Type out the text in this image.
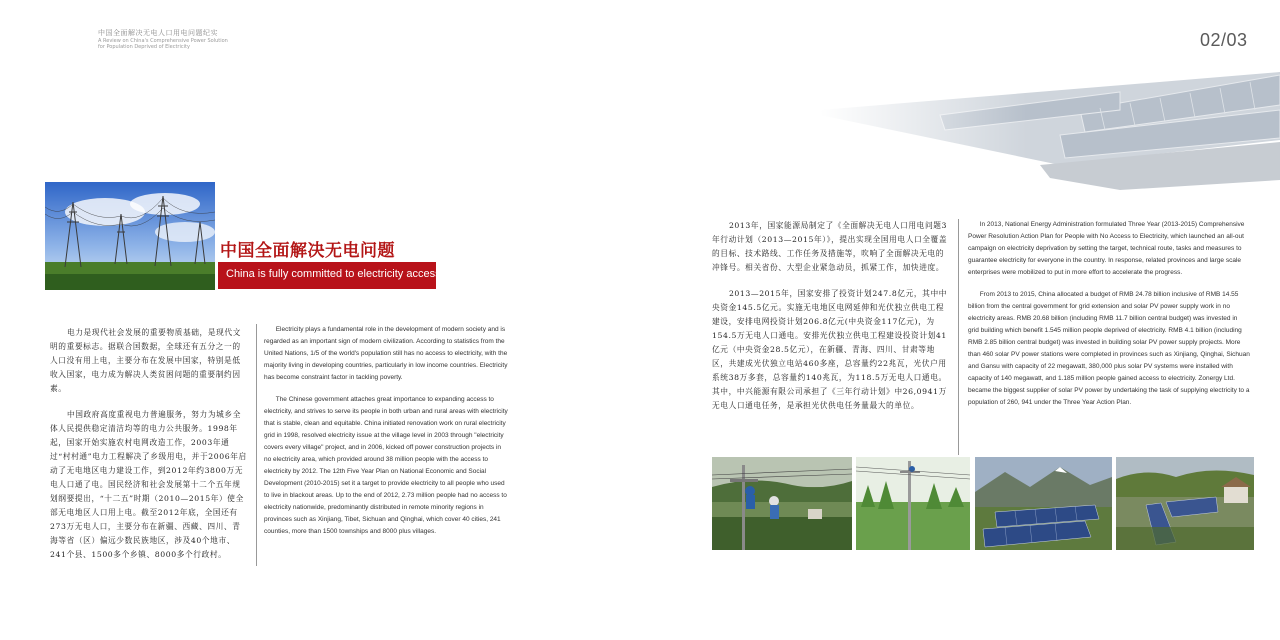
中国全面解决无电人口用电问题纪实
A Review on China's Comprehensive Power Solution
for Population Deprived of Electricity	02/03
中国全面解决无电问题
China is fully committed to electricity access

电力是现代社会发展的重要物质基础，是现代文明的重要标志。据联合国数据，全球还有五分之一的人口没有用上电，主要分布在发展中国家，特别是低收入国家，电力成为解决人类贫困问题的重要制约因素。

中国政府高度重视电力普遍服务，努力为城乡全体人民提供稳定清洁均等的电力公共服务。1998年起，国家开始实施农村电网改造工作，2003年通过“村村通”电力工程解决了乡级用电，并于2006年启动了无电地区电力建设工作，到2012年约3800万无电人口通了电。国民经济和社会发展第十二个五年规划纲要提出，“十二五”时期（2010—2015年）使全部无电地区人口用上电。截至2012年底，全国还有273万无电人口，主要分布在新疆、西藏、四川、青海等省（区）偏远少数民族地区，涉及40个地市、241个县、1500多个乡镇、8000多个行政村。

Electricity plays a fundamental role in the development of modern society and is regarded as an important sign of modern civilization. According to statistics from the United Nations, 1/5 of the world's population still has no access to electricity, with the majority living in developing countries, particularly in low income countries. Electricity has become constraint factor in tackling poverty.

The Chinese government attaches great importance to expanding access to electricity, and strives to serve its people in both urban and rural areas with electricity that is stable, clean and equitable. China initiated renovation work on rural electricity grid in 1998, resolved electricity issue at the village level in 2003 through "electricity covers every village" project, and in 2006, kicked off power construction projects in no electricity area, which provided around 38 million people with the access to electricity by 2012. The 12th Five Year Plan on National Economic and Social Development (2010-2015) set it a target to provide electricity to all people who used to live in blackout areas. Up to the end of 2012, 2.73 million people had no access to electricity nationwide, predominantly distributed in remote minority regions in provinces such as Xinjiang, Tibet, Sichuan and Qinghai, which cover 40 cities, 241 counties, more than 1500 townships and 8000 plus villages.

2013年，国家能源局制定了《全面解决无电人口用电问题3年行动计划（2013—2015年）》，提出实现全国用电人口全覆盖的目标、技术路线、工作任务及措施等，吹响了全面解决无电的冲锋号。相关省份、大型企业紧急动员，抓紧工作，加快进度。

2013—2015年，国家安排了投资计划247.8亿元，其中中央资金145.5亿元。实施无电地区电网延伸和光伏独立供电工程建设，安排电网投资计划206.8亿元(中央资金117亿元)，为154.5万无电人口通电。安排光伏独立供电工程建设投资计划41亿元（中央资金28.5亿元），在新疆、青海、四川、甘肃等地区，共建成光伏独立电站460多座，总容量约22兆瓦，光伏户用系统38万多套，总容量约140兆瓦，为118.5万无电人口通电。其中，中兴能源有限公司承担了《三年行动计划》中26,0941万无电人口通电任务，是承担光伏供电任务量最大的单位。

In 2013, National Energy Administration formulated Three Year (2013-2015) Comprehensive Power Resolution Action Plan for People with No Access to Electricity, which launched an all-out campaign on electricity deprivation by setting the target, technical route, tasks and measures to guarantee electricity for everyone in the country. In response, related provinces and large scale enterprises were mobilized to put in more effort to accelerate the progress.

From 2013 to 2015, China allocated a budget of RMB 24.78 billion inclusive of RMB 14.55 billion from the central government for grid extension and solar PV power supply work in no electricity areas. RMB 20.68 billion (including RMB 11.7 billion central budget) was invested in grid building which benefit 1.545 million people deprived of electricity. RMB 4.1 billion (including RMB 2.85 billion central budget) was invested in building solar PV power supply projects. More than 460 solar PV power stations were completed in provinces such as Xinjiang, Qinghai, Sichuan and Gansu with capacity of 22 megawatt, 380,000 plus solar PV systems were installed with capacity of 140 megawatt, and 1.185 million people gained access to electricity. Zonergy Ltd. became the biggest supplier of solar PV power by undertaking the task of supplying electricity to a population of 260, 941 under the Three Year Action Plan.
